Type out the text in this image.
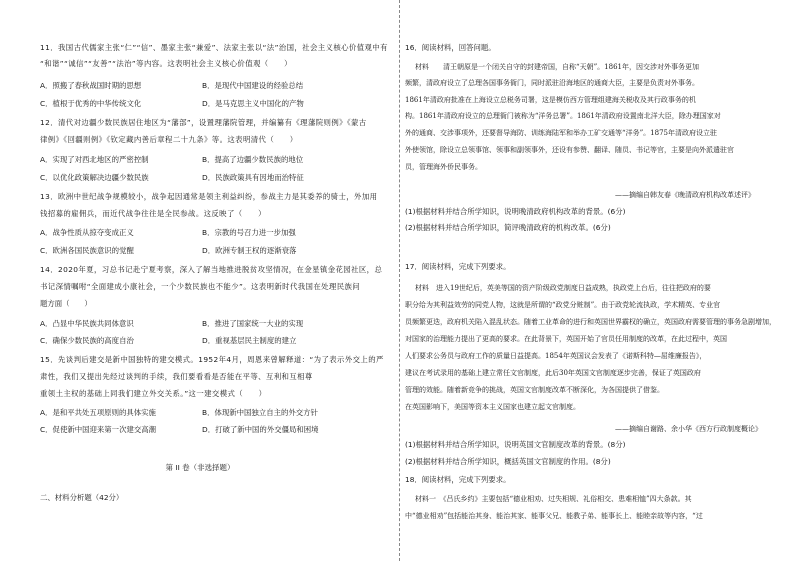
11．我国古代儒家主张“仁”“信”、墨家主张“兼爱”、法家主张以“法”治国，社会主义核心价值观中有
“和谐”“诚信”“友善”“法治”等内容。这表明社会主义核心价值观（　　）
A．照搬了春秋战国时期的思想	B．是现代中国建设的经验总结
C．植根于优秀的中华传统文化	D．是马克思主义中国化的产物
12．清代对边疆少数民族居住地区为“藩部”，设置理藩院管理，并编纂有《理藩院则例》《蒙古
律例》《回疆则例》《钦定藏内善后章程二十九条》等。这表明清代（　　）
A．实现了对西北地区的严密控制	B．提高了边疆少数民族的地位
C．以优化政策解决边疆少数民族	D．民族政策具有因地而治特征
13．欧洲中世纪战争规模较小，战争起因通常是领主利益纠纷，参战主力是其委养的骑士，外加用
钱招募的雇佣兵，而近代战争往往是全民参战。这反映了（　　）
A．战争性质从掠夺变成正义	B．宗教的号召力进一步加强
C．欧洲各国民族意识的觉醒	D．欧洲专制王权的逐渐衰落
14．2020年夏，习总书记赴宁夏考察，深入了解当地推进脱贫攻坚情况，在金星镇金花园社区，总
书记深情嘱咐“全面建成小康社会，一个少数民族也不能少”。这表明新时代我国在处理民族问
题方面（　　）
A．凸显中华民族共同体意识	B．推进了国家统一大业的实现
C．确保少数民族的高度自治	D．重视基层民主制度的建立
15．先谈判后建交是新中国独特的建交模式。1952年4月，周恩来曾解释道：“为了表示外交上的严
肃性，我们又提出先经过谈判的手续，我们要看看是否能在平等、互利和互相尊
重领土主权的基础上同我们建立外交关系。”这一建交模式（　　）
A．是和平共处五项原则的具体实施	B．体现新中国独立自主的外交方针
C．促使新中国迎来第一次建交高潮	D．打破了新中国的外交僵局和困境
第 II 卷（非选择题）
二、材料分析题（42分）
16．阅读材料，回答问题。
材料　　清王朝原是一个闭关自守的封建帝国，自称“天朝”。1861年，因交涉对外事务更加
频繁，清政府设立了总理各国事务衙门，同时派驻沿海地区的通商大臣，主要是负责对外事务。
1861年清政府批准在上海设立总税务司署，这是模仿西方管理组建海关税收及其行政事务的机
构。1861年清政府设立的总理衙门被称为“洋务总署”。1861年清政府设置南北洋大臣，除办理国家对
外的通商、交涉事项外，还要督导海防、训练海陆军和举办工矿交通等“洋务”。1875年清政府设立驻
外使领馆，除设立总领事馆、领事和副领事外，还设有参赞、翻译、随员、书记等官，主要是向外派遣驻官
员，管理海外侨民事务。
——摘编自韩友春《晚清政府机构改革述评》
(1)根据材料并结合所学知识，说明晚清政府机构改革的背景。(6分)
(2)根据材料并结合所学知识，简评晚清政府的机构改革。(6分)
17．阅读材料，完成下列要求。
材料　进入19世纪后，英美等国的资产阶级政党制度日益成熟，执政党上台后，往往把政府的要
职分给为其利益效劳的同党人物，这就是所谓的“政党分赃制”。由于政党轮流执政，学术精英、专业官
员频繁更迭，政府机关陷入混乱状态。随着工业革命的进行和英国世界霸权的确立，英国政府需要管理的事务急剧增加，
对国家的治理能力提出了更高的要求。在此背景下，英国开始了官员任用制度的改革，在此过程中，英国
人们要求公务员与政府工作的质量日益提高。1854年英国议会发表了《诺斯科特—屈维廉报告》，
建议在考试录用的基础上建立常任文官制度，此后30年英国文官制度逐步完善，保证了英国政府
管理的效能。随着新竞争的挑战，英国文官制度改革不断深化，为各国提供了借鉴。
在英国影响下，美国等资本主义国家也建立起文官制度。
——摘编自谢路、余小华《西方行政制度概论》
(1)根据材料并结合所学知识，说明英国文官制度改革的背景。(8分)
(2)根据材料并结合所学知识，概括英国文官制度的作用。(8分)
18．阅读材料，完成下列要求。
材料一　《吕氏乡约》主要包括“德业相劝、过失相规、礼俗相交、患难相恤”四大条款。其
中“德业相劝”包括能治其身、能治其家、能事父兄、能教子弟、能事长上、能睦亲故等内容，“过
